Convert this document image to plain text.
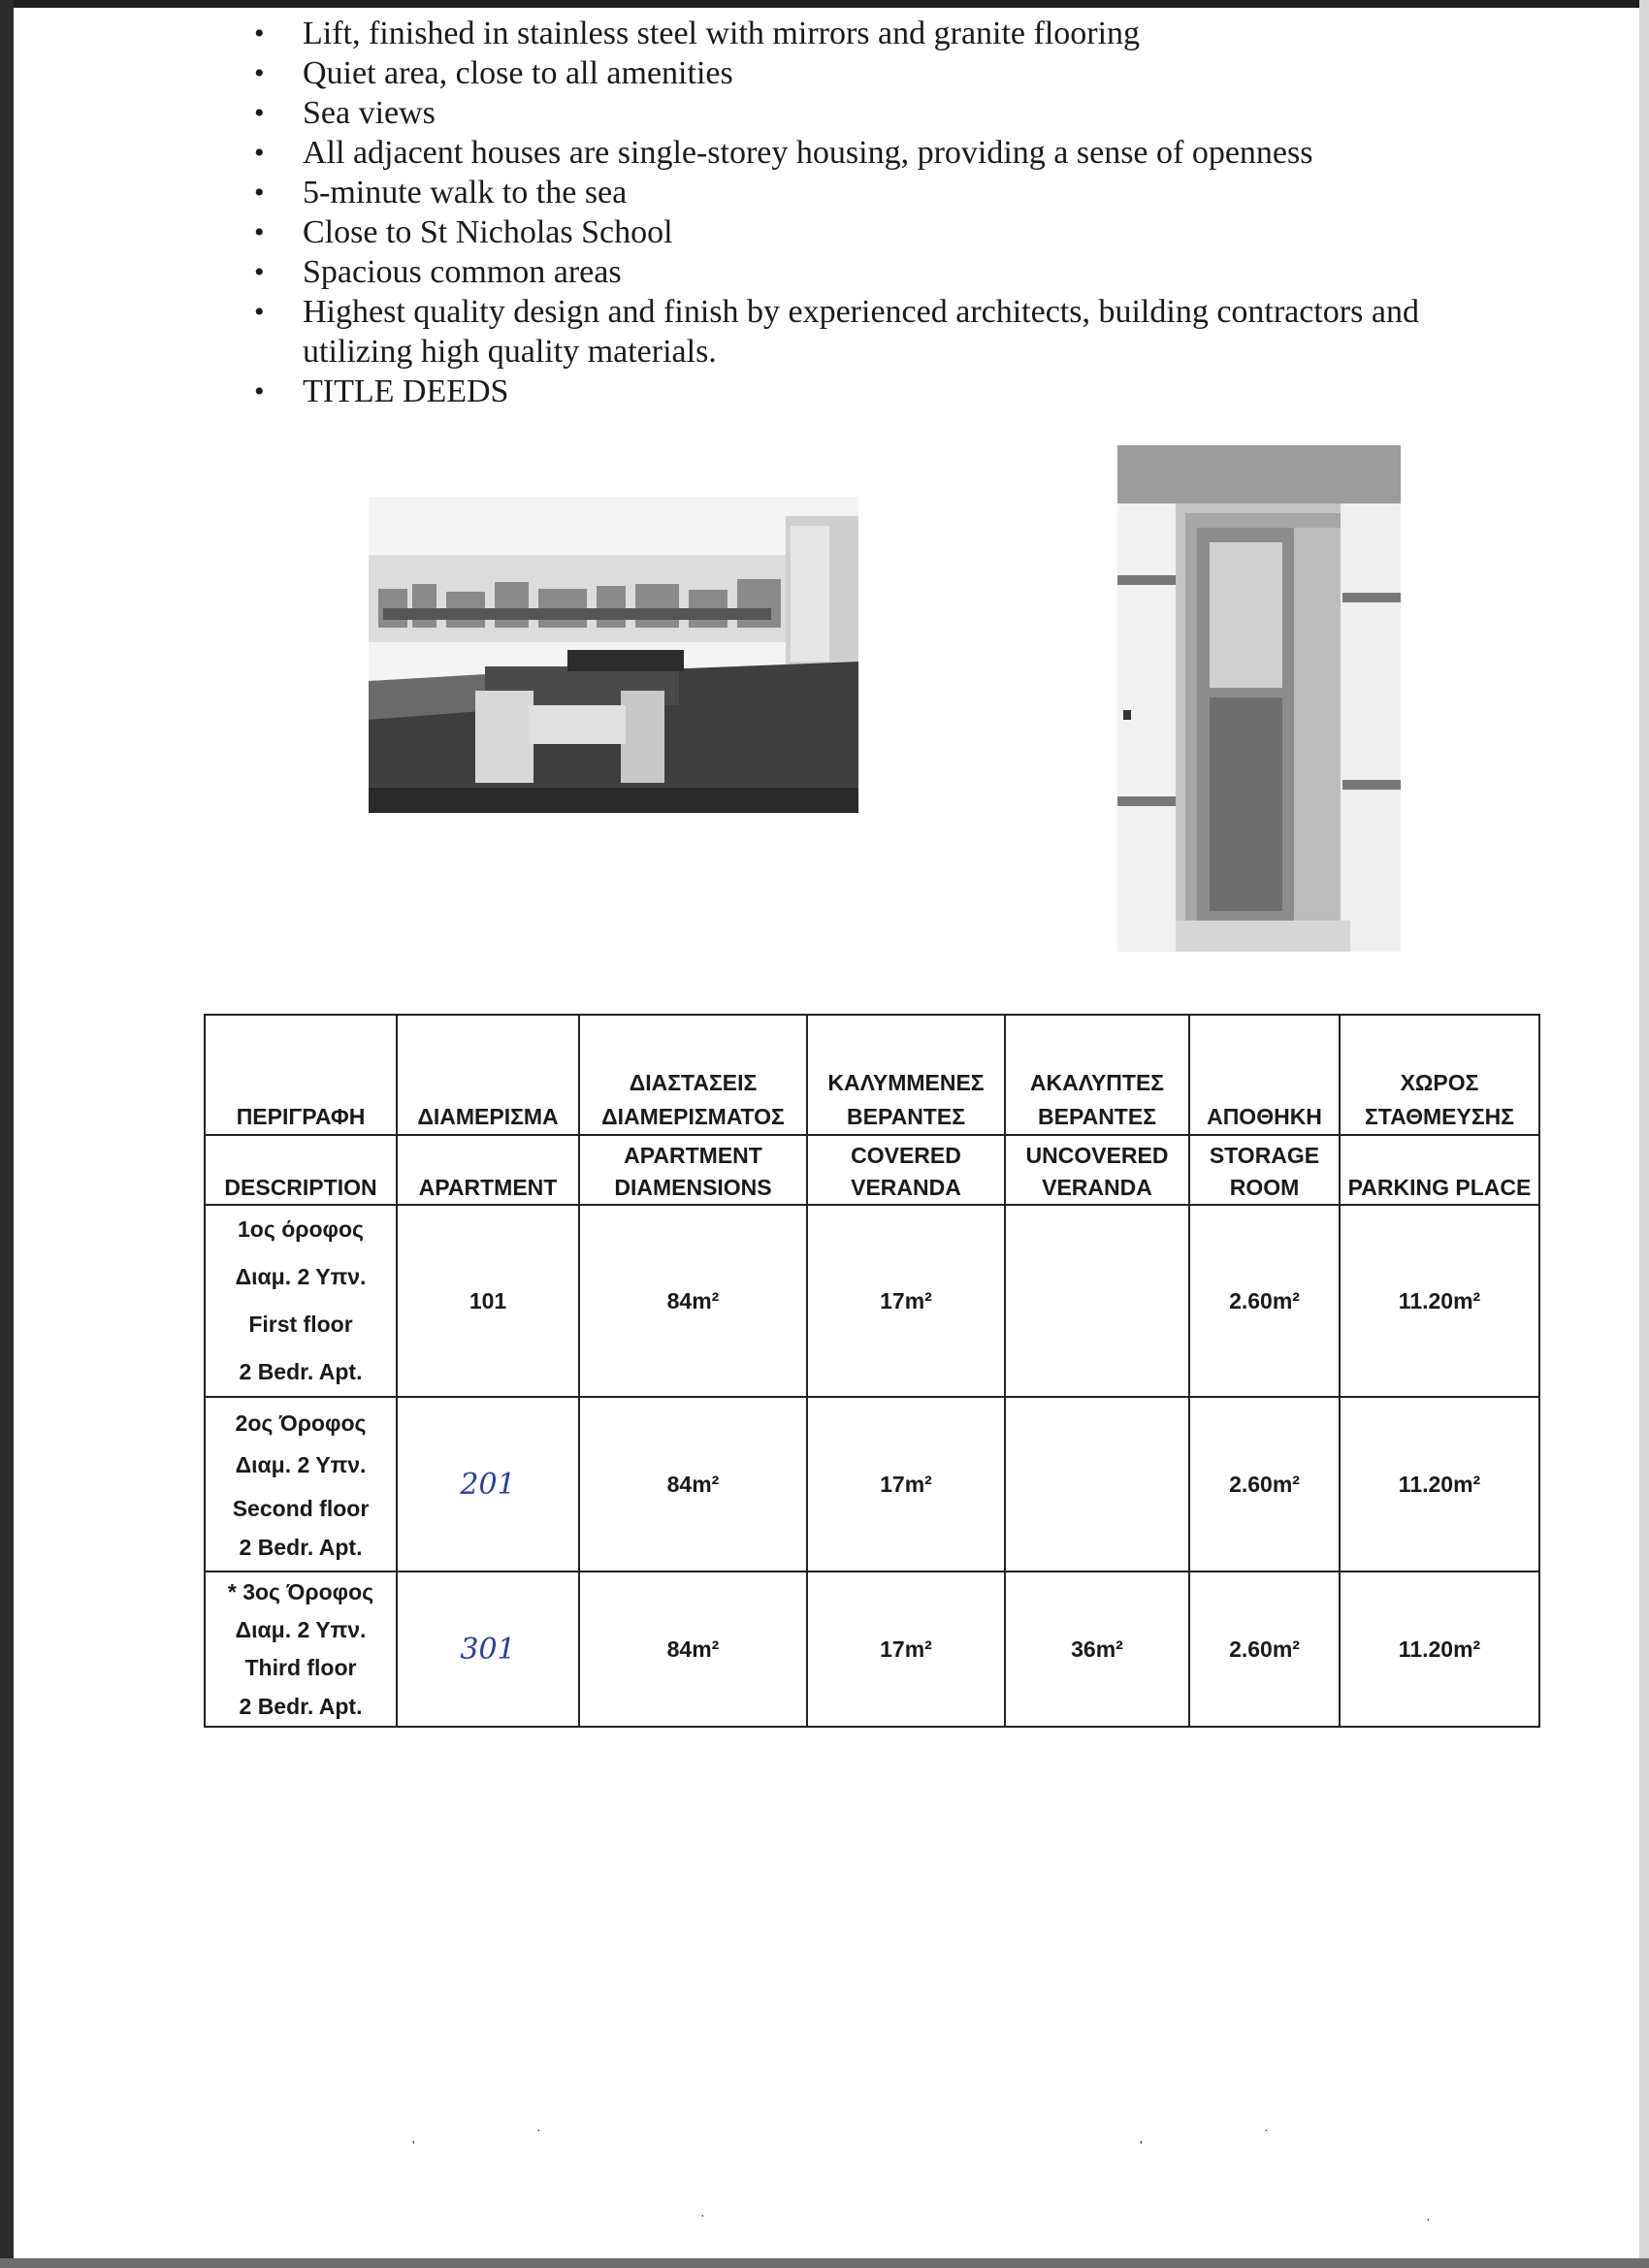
• Lift, finished in stainless steel with mirrors and granite flooring
• Quiet area, close to all amenities
• Sea views
• All adjacent houses are single-storey housing, providing a sense of openness
• 5-minute walk to the sea
• Close to St Nicholas School
• Spacious common areas
• Highest quality design and finish by experienced architects, building contractors and utilizing high quality materials.
• TITLE DEEDS
ΠΕΡΙΓΡΑΦΗ	ΔΙΑΜΕΡΙΣΜΑ	ΔΙΑΣΤΑΣΕΙΣ ΔΙΑΜΕΡΙΣΜΑΤΟΣ	ΚΑΛΥΜΜΕΝΕΣ ΒΕΡΑΝΤΕΣ	ΑΚΑΛΥΠΤΕΣ ΒΕΡΑΝΤΕΣ	ΑΠΟΘΗΚΗ	ΧΩΡΟΣ ΣΤΑΘΜΕΥΣΗΣ
DESCRIPTION	APARTMENT	APARTMENT DIAMENSIONS	COVERED VERANDA	UNCOVERED VERANDA	STORAGE ROOM	PARKING PLACE

1ος όροφος
Διαμ. 2 Υπν.
First floor
2 Bedr. Apt.	101	84m²	17m²		2.60m²	11.20m²

2ος Όροφος
Διαμ. 2 Υπν.
Second floor
2 Bedr. Apt.	201	84m²	17m²		2.60m²	11.20m²

* 3ος Όροφος
Διαμ. 2 Υπν.
Third floor
2 Bedr. Apt.	301	84m²	17m²	36m²	2.60m²	11.20m²
'
·
'
·
·	·
